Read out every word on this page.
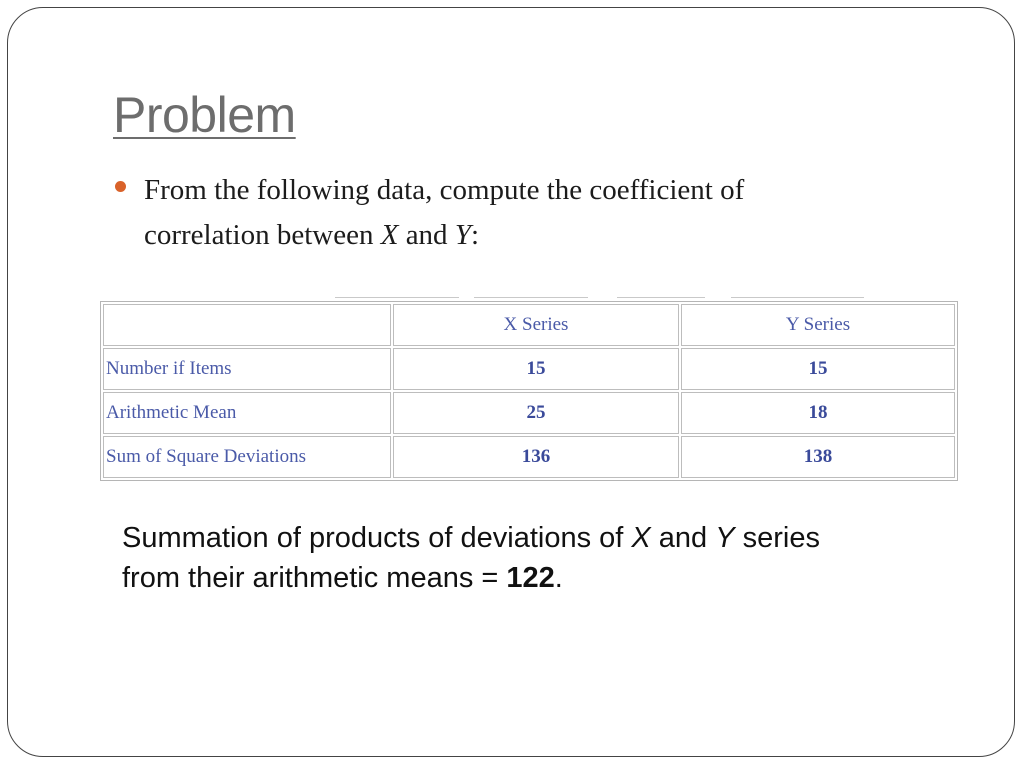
Problem

From the following data, compute the coefficient of correlation between X and Y:

	X Series	Y Series
Number if Items	15	15
Arithmetic Mean	25	18
Sum of Square Deviations	136	138

Summation of products of deviations of X and Y series from their arithmetic means = 122.
